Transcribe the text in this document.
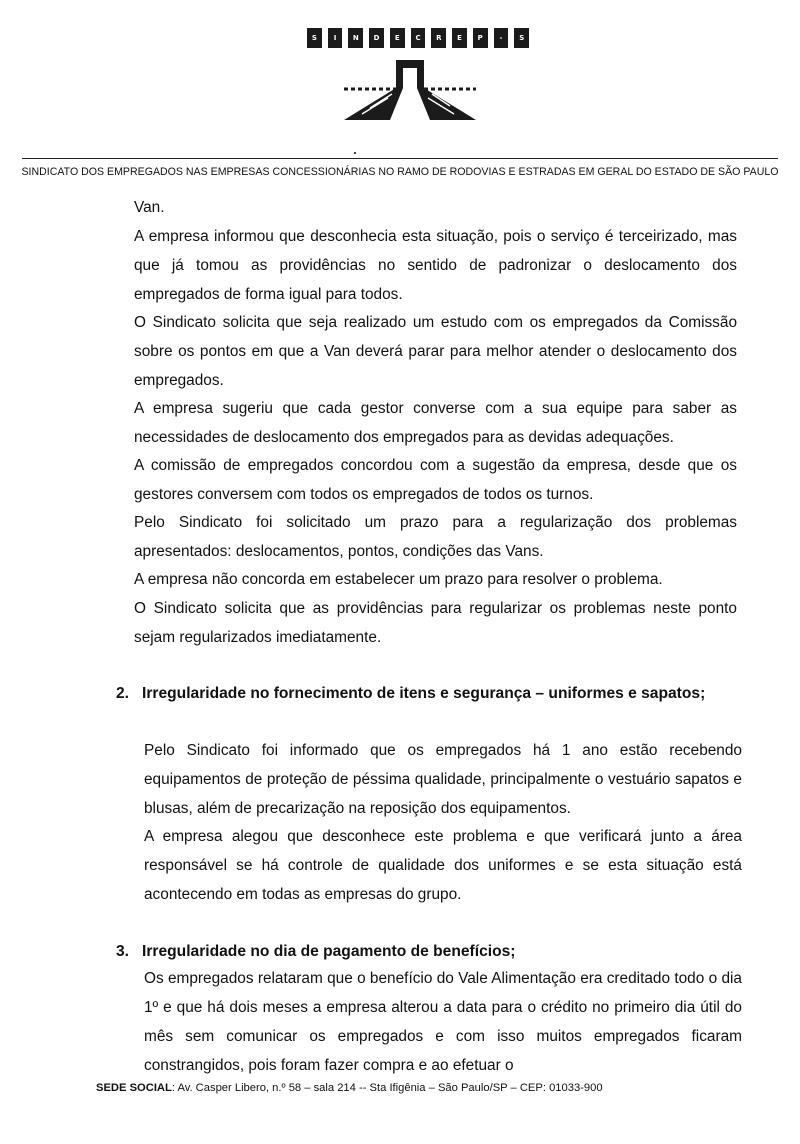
S	I	N	D	E	C	R	E	P	-	S
SINDICATO DOS EMPREGADOS NAS EMPRESAS CONCESSIONÁRIAS NO RAMO DE RODOVIAS E ESTRADAS EM GERAL DO ESTADO DE SÃO PAULO

Van.

A empresa informou que desconhecia esta situação, pois o serviço é terceirizado, mas que já tomou as providências no sentido de padronizar o deslocamento dos empregados de forma igual para todos.

O Sindicato solicita que seja realizado um estudo com os empregados da Comissão sobre os pontos em que a Van deverá parar para melhor atender o deslocamento dos empregados.

A empresa sugeriu que cada gestor converse com a sua equipe para saber as necessidades de deslocamento dos empregados para as devidas adequações.

A comissão de empregados concordou com a sugestão da empresa, desde que os gestores conversem com todos os empregados de todos os turnos.

Pelo Sindicato foi solicitado um prazo para a regularização dos problemas apresentados: deslocamentos, pontos, condições das Vans.

A empresa não concorda em estabelecer um prazo para resolver o problema.

O Sindicato solicita que as providências para regularizar os problemas neste ponto sejam regularizados imediatamente.

2. Irregularidade no fornecimento de itens e segurança – uniformes e sapatos;

Pelo Sindicato foi informado que os empregados há 1 ano estão recebendo equipamentos de proteção de péssima qualidade, principalmente o vestuário sapatos e blusas, além de precarização na reposição dos equipamentos.

A empresa alegou que desconhece este problema e que verificará junto a área responsável se há controle de qualidade dos uniformes e se esta situação está acontecendo em todas as empresas do grupo.

3. Irregularidade no dia de pagamento de benefícios;

Os empregados relataram que o benefício do Vale Alimentação era creditado todo o dia 1º e que há dois meses a empresa alterou a data para o crédito no primeiro dia útil do mês sem comunicar os empregados e com isso muitos empregados ficaram constrangidos, pois foram fazer compra e ao efetuar o

SEDE SOCIAL: Av. Casper Libero, n.º 58 – sala 214 -- Sta Ifigênia – São Paulo/SP – CEP: 01033-900
